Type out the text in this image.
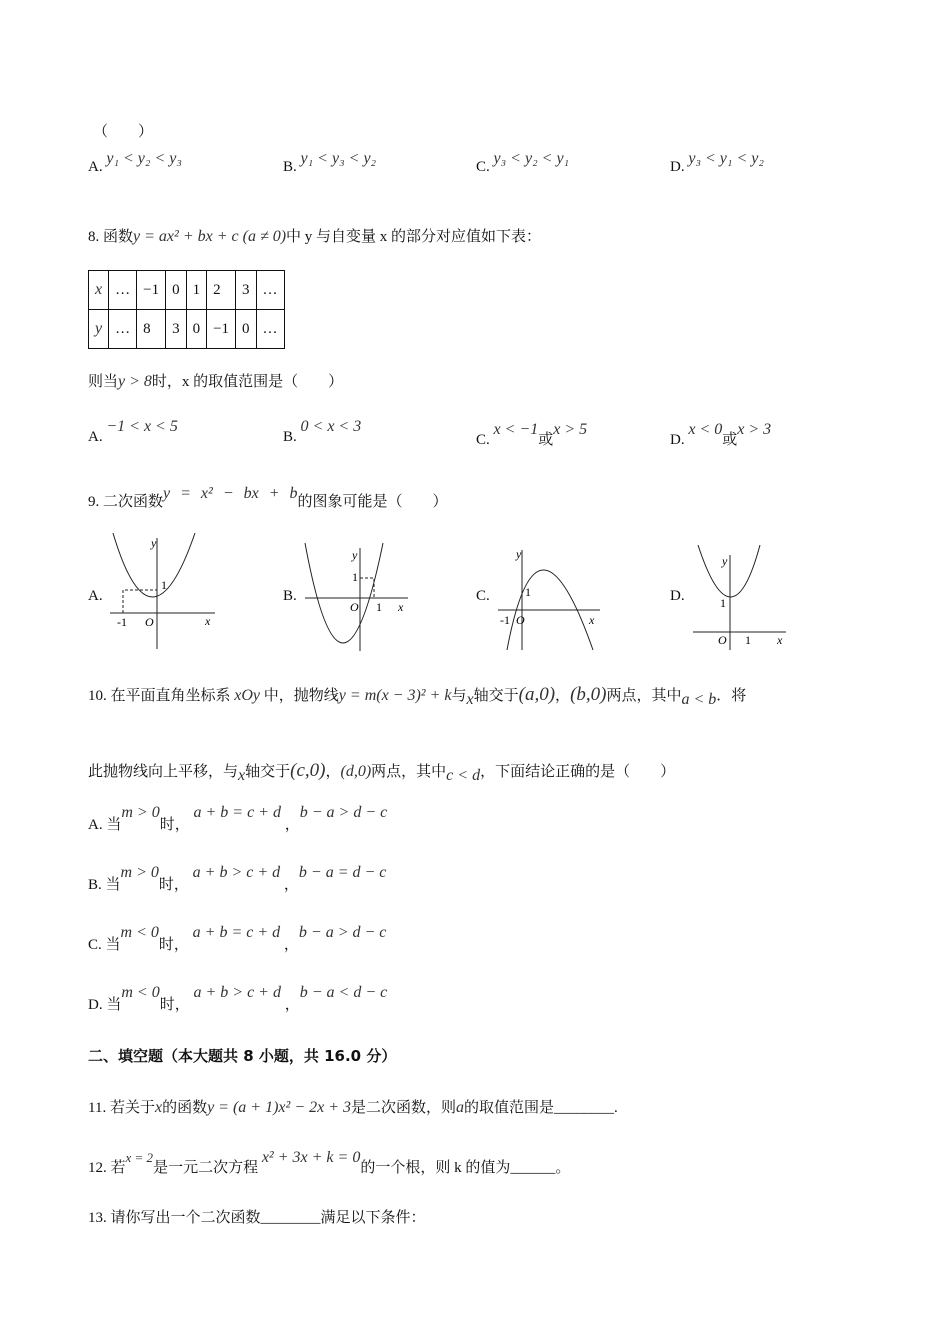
（　　）
A. y₁ < y₂ < y₃	B. y₁ < y₃ < y₂	C. y₃ < y₂ < y₁	D. y₃ < y₁ < y₂
8. 函数y = ax² + bx + c (a ≠ 0)中 y 与自变量 x 的部分对应值如下表：
x	…	−1	0	1	2	3	…
y	…	8	3	0	−1	0	…
则当y > 8时，x 的取值范围是（　　）
A. −1 < x < 5
B. 0 < x < 3
C. x < −1或x > 5
D. x < 0或x > 3
9. 二次函数y = x² − bx + b的图象可能是（　　）
A.
y
1
-1 O	x
B.
y
1
O 1 x
C.
y
1
-1 O	x
D.
y
1
O 1 x
10. 在平面直角坐标系 xOy 中，抛物线y = m(x − 3)² + k与x轴交于(a,0)，(b,0)两点，其中a < b．将
此抛物线向上平移，与x轴交于(c,0)，(d,0)两点，其中c < d，下面结论正确的是（　　）
A. 当m > 0时， a + b = c + d ，b − a > d − c
B. 当m > 0时， a + b > c + d ，b − a = d − c
C. 当m < 0时， a + b = c + d ，b − a > d − c
D. 当m < 0时， a + b > c + d ，b − a < d − c
二、填空题（本大题共 8 小题，共 16.0 分）
11. 若关于x的函数y = (a + 1)x² − 2x + 3是二次函数，则a的取值范围是________.
12. 若x = 2是一元二次方程 x² + 3x + k = 0的一个根，则 k 的值为______。
13. 请你写出一个二次函数________满足以下条件：
